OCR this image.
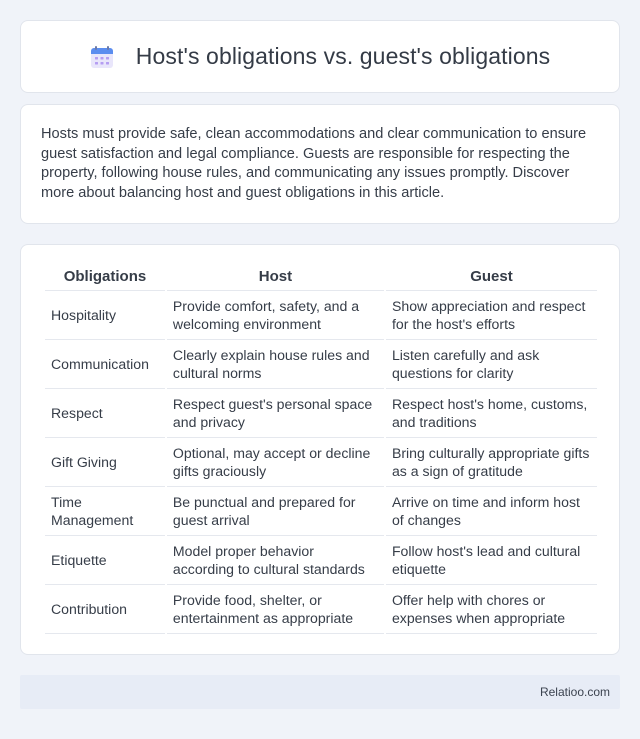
Host's obligations vs. guest's obligations

Hosts must provide safe, clean accommodations and clear communication to ensure guest satisfaction and legal compliance. Guests are responsible for respecting the property, following house rules, and communicating any issues promptly. Discover more about balancing host and guest obligations in this article.

Obligations	Host	Guest
Hospitality	Provide comfort, safety, and a welcoming environment	Show appreciation and respect for the host's efforts
Communication	Clearly explain house rules and cultural norms	Listen carefully and ask questions for clarity
Respect	Respect guest's personal space and privacy	Respect host's home, customs, and traditions
Gift Giving	Optional, may accept or decline gifts graciously	Bring culturally appropriate gifts as a sign of gratitude
Time Management	Be punctual and prepared for guest arrival	Arrive on time and inform host of changes
Etiquette	Model proper behavior according to cultural standards	Follow host's lead and cultural etiquette
Contribution	Provide food, shelter, or entertainment as appropriate	Offer help with chores or expenses when appropriate
Relatioo.com
